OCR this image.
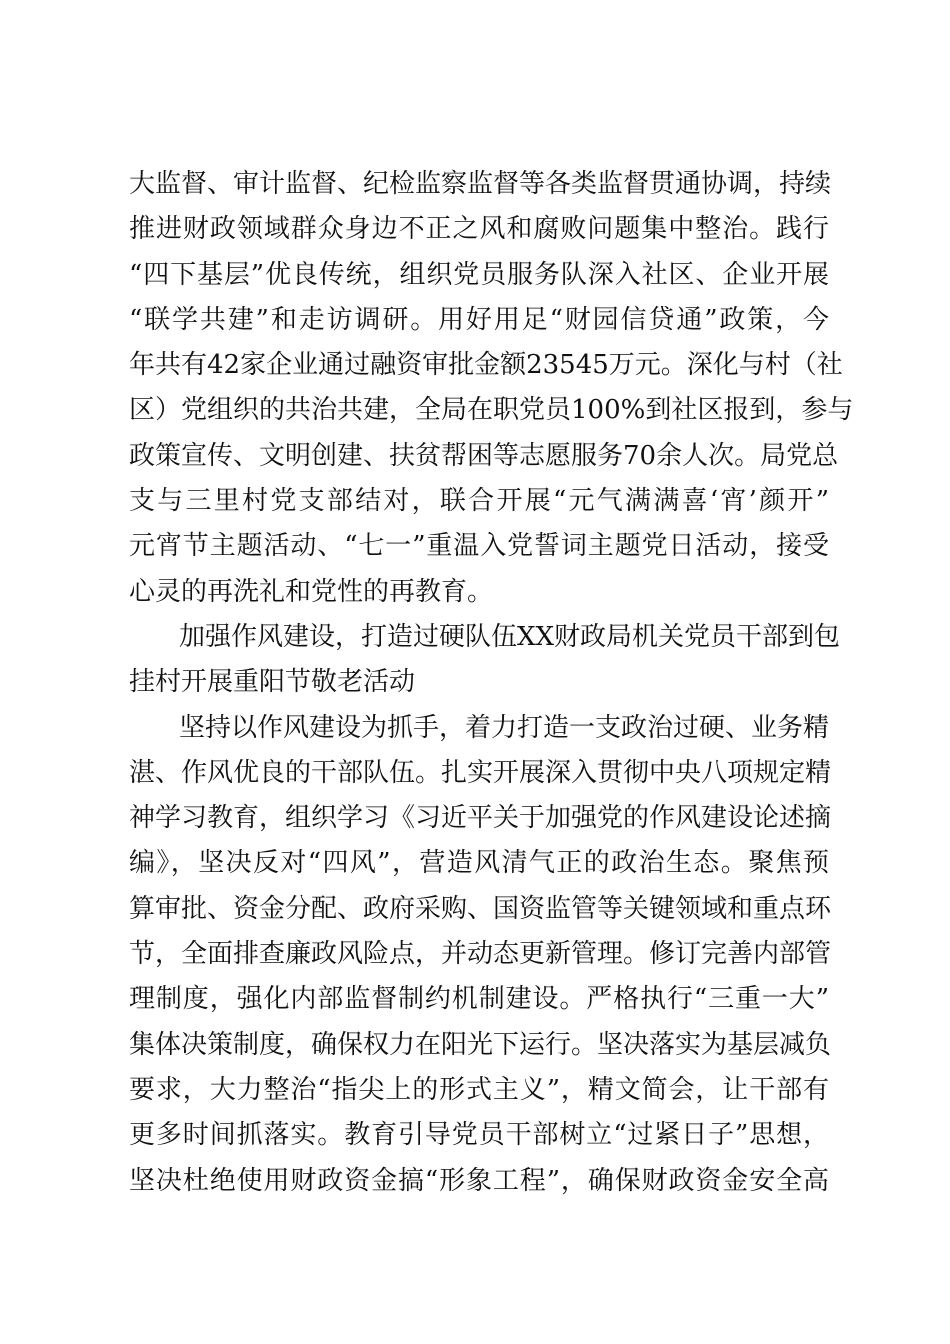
大监督、审计监督、纪检监察监督等各类监督贯通协调，持续
推进财政领域群众身边不正之风和腐败问题集中整治。践行
“四下基层”优良传统，组织党员服务队深入社区、企业开展
“联学共建”和走访调研。用好用足“财园信贷通”政策，今
年共有42家企业通过融资审批金额23545万元。深化与村（社
区）党组织的共治共建，全局在职党员100%到社区报到，参与
政策宣传、文明创建、扶贫帮困等志愿服务70余人次。局党总
支与三里村党支部结对，联合开展“元气满满喜‘宵’颜开”
元宵节主题活动、“七一”重温入党誓词主题党日活动，接受
心灵的再洗礼和党性的再教育。
加强作风建设，打造过硬队伍XX财政局机关党员干部到包
挂村开展重阳节敬老活动
坚持以作风建设为抓手，着力打造一支政治过硬、业务精
湛、作风优良的干部队伍。扎实开展深入贯彻中央八项规定精
神学习教育，组织学习《习近平关于加强党的作风建设论述摘
编》，坚决反对“四风”，营造风清气正的政治生态。聚焦预
算审批、资金分配、政府采购、国资监管等关键领域和重点环
节，全面排查廉政风险点，并动态更新管理。修订完善内部管
理制度，强化内部监督制约机制建设。严格执行“三重一大”
集体决策制度，确保权力在阳光下运行。坚决落实为基层减负
要求，大力整治“指尖上的形式主义”，精文简会，让干部有
更多时间抓落实。教育引导党员干部树立“过紧日子”思想，
坚决杜绝使用财政资金搞“形象工程”，确保财政资金安全高
